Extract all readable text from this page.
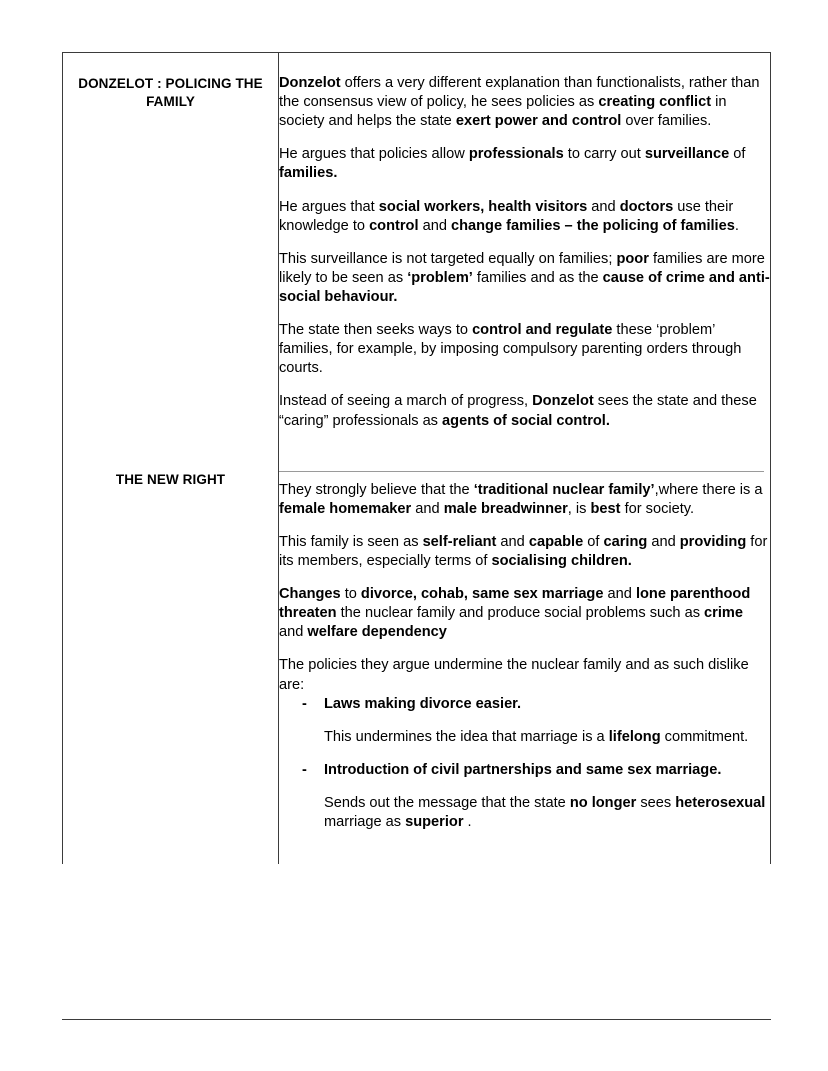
DONZELOT : POLICING THE FAMILY

Donzelot offers a very different explanation than functionalists, rather than the consensus view of policy, he sees policies as creating conflict in society and helps the state exert power and control over families.

He argues that policies allow professionals to carry out surveillance of families.

He argues that social workers, health visitors and doctors use their knowledge to control and change families – the policing of families.

This surveillance is not targeted equally on families; poor families are more likely to be seen as ‘problem’ families and as the cause of crime and anti-social behaviour.

The state then seeks ways to control and regulate these ‘problem’ families, for example, by imposing compulsory parenting orders through courts.

Instead of seeing a march of progress, Donzelot sees the state and these “caring” professionals as agents of social control.

THE NEW RIGHT

They strongly believe that the ‘traditional nuclear family’,where there is a female homemaker and male breadwinner, is best for society.

This family is seen as self-reliant and capable of caring and providing for its members, especially terms of socialising children.

Changes to divorce, cohab, same sex marriage and lone parenthood threaten the nuclear family and produce social problems such as crime and welfare dependency

The policies they argue undermine the nuclear family and as such dislike are:

-	Laws making divorce easier.

This undermines the idea that marriage is a lifelong commitment.

-	Introduction of civil partnerships and same sex marriage.

Sends out the message that the state no longer sees heterosexual marriage as superior .
